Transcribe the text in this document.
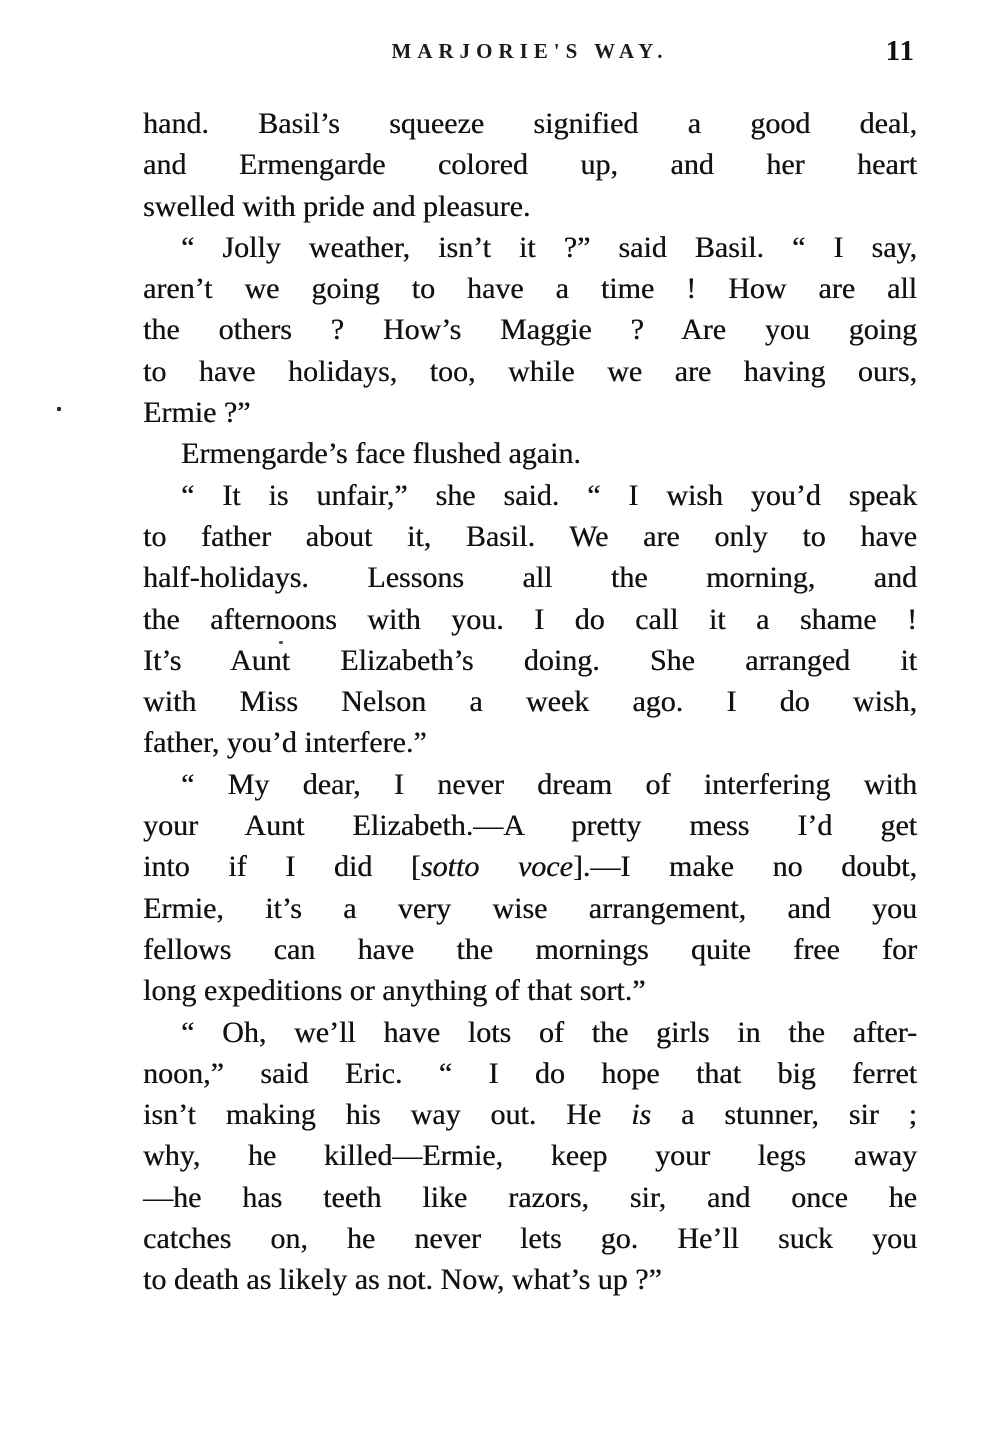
MARJORIE'S WAY.	11
hand. Basil’s squeeze signified a good deal,
and Ermengarde colored up, and her heart
swelled with pride and pleasure.
“ Jolly weather, isn’t it ?” said Basil. “ I say,
aren’t we going to have a time ! How are all
the others ? How’s Maggie ? Are you going
to have holidays, too, while we are having ours,
Ermie ?”
Ermengarde’s face flushed again.
“ It is unfair,” she said. “ I wish you’d speak
to father about it, Basil. We are only to have
half-holidays. Lessons all the morning, and
the afternoons with you. I do call it a shame !
It’s Aunt Elizabeth’s doing. She arranged it
with Miss Nelson a week ago. I do wish,
father, you’d interfere.”
“ My dear, I never dream of interfering with
your Aunt Elizabeth.—A pretty mess I’d get
into if I did [sotto voce].—I make no doubt,
Ermie, it’s a very wise arrangement, and you
fellows can have the mornings quite free for
long expeditions or anything of that sort.”
“ Oh, we’ll have lots of the girls in the after-
noon,” said Eric. “ I do hope that big ferret
isn’t making his way out. He is a stunner, sir ;
why, he killed—Ermie, keep your legs away
—he has teeth like razors, sir, and once he
catches on, he never lets go. He’ll suck you
to death as likely as not. Now, what’s up ?”
